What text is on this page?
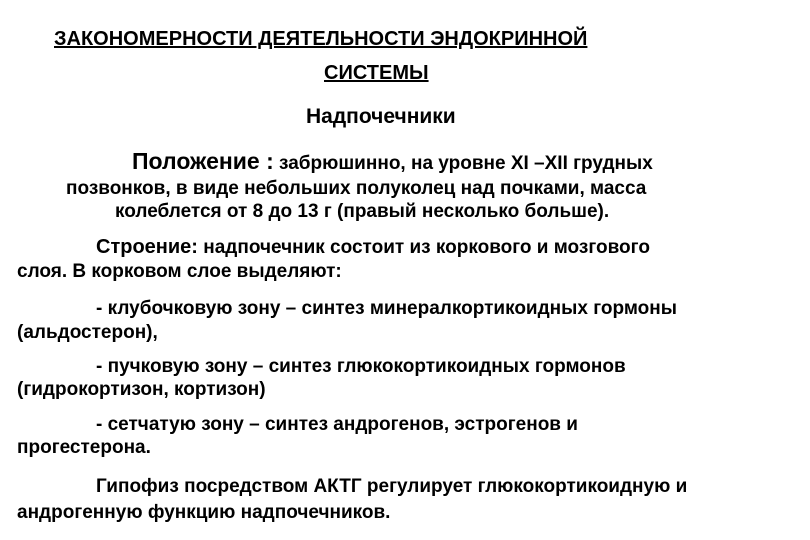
ЗАКОНОМЕРНОСТИ ДЕЯТЕЛЬНОСТИ ЭНДОКРИННОЙ
СИСТЕМЫ
Надпочечники
Положение : забрюшинно, на уровне XI –XII грудных
позвонков, в виде небольших полуколец над почками, масса
колеблется от 8 до 13 г (правый несколько больше).
Строение: надпочечник состоит из коркового и мозгового
слоя. В корковом слое выделяют:
- клубочковую зону – синтез минералкортикоидных гормоны
(альдостерон),
- пучковую зону – синтез глюкокортикоидных гормонов
(гидрокортизон, кортизон)
- сетчатую зону – синтез андрогенов, эстрогенов и
прогестерона.
Гипофиз посредством АКТГ регулирует глюкокортикоидную и
андрогенную функцию надпочечников.
